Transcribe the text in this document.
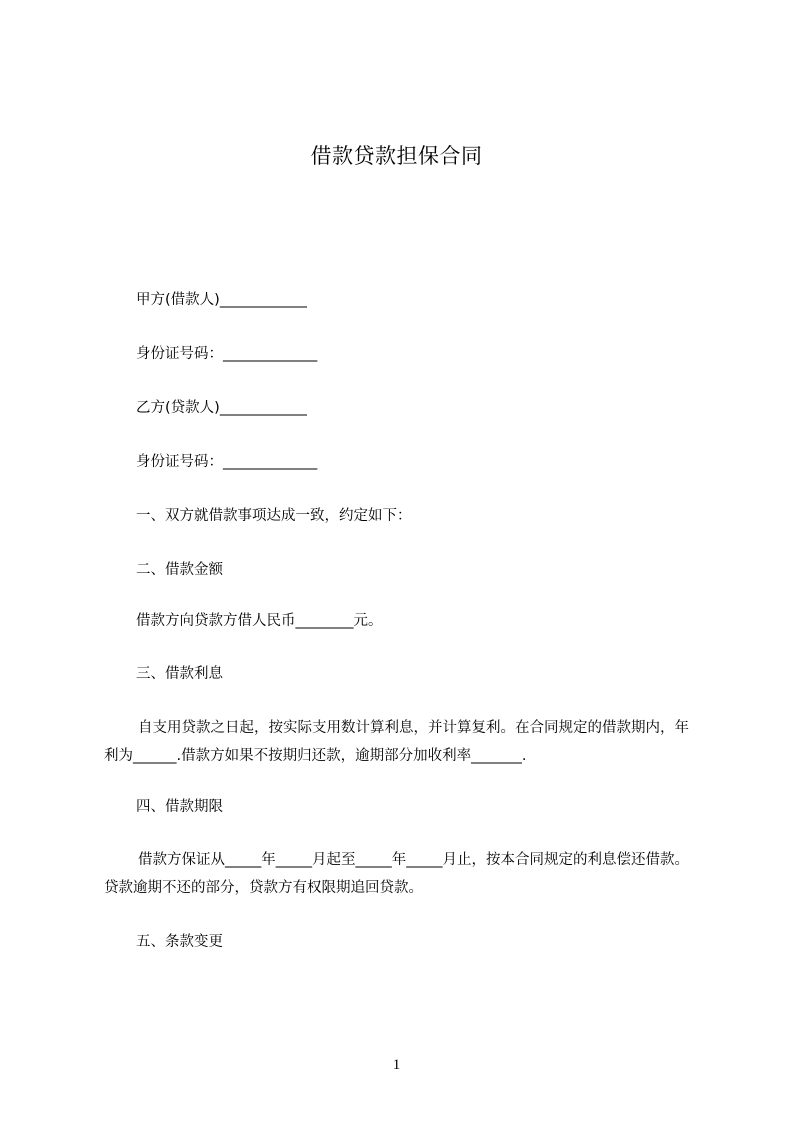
借款贷款担保合同
甲方(借款人)____________
身份证号码：_____________
乙方(贷款人)____________
身份证号码：_____________
一、双方就借款事项达成一致，约定如下：
二、借款金额
借款方向贷款方借人民币________元。
三、借款利息
自支用贷款之日起，按实际支用数计算利息，并计算复利。在合同规定的借款期内，年利为______.借款方如果不按期归还款，逾期部分加收利率_______.
四、借款期限
借款方保证从_____年_____月起至_____年_____月止，按本合同规定的利息偿还借款。贷款逾期不还的部分，贷款方有权限期追回贷款。
五、条款变更
1
